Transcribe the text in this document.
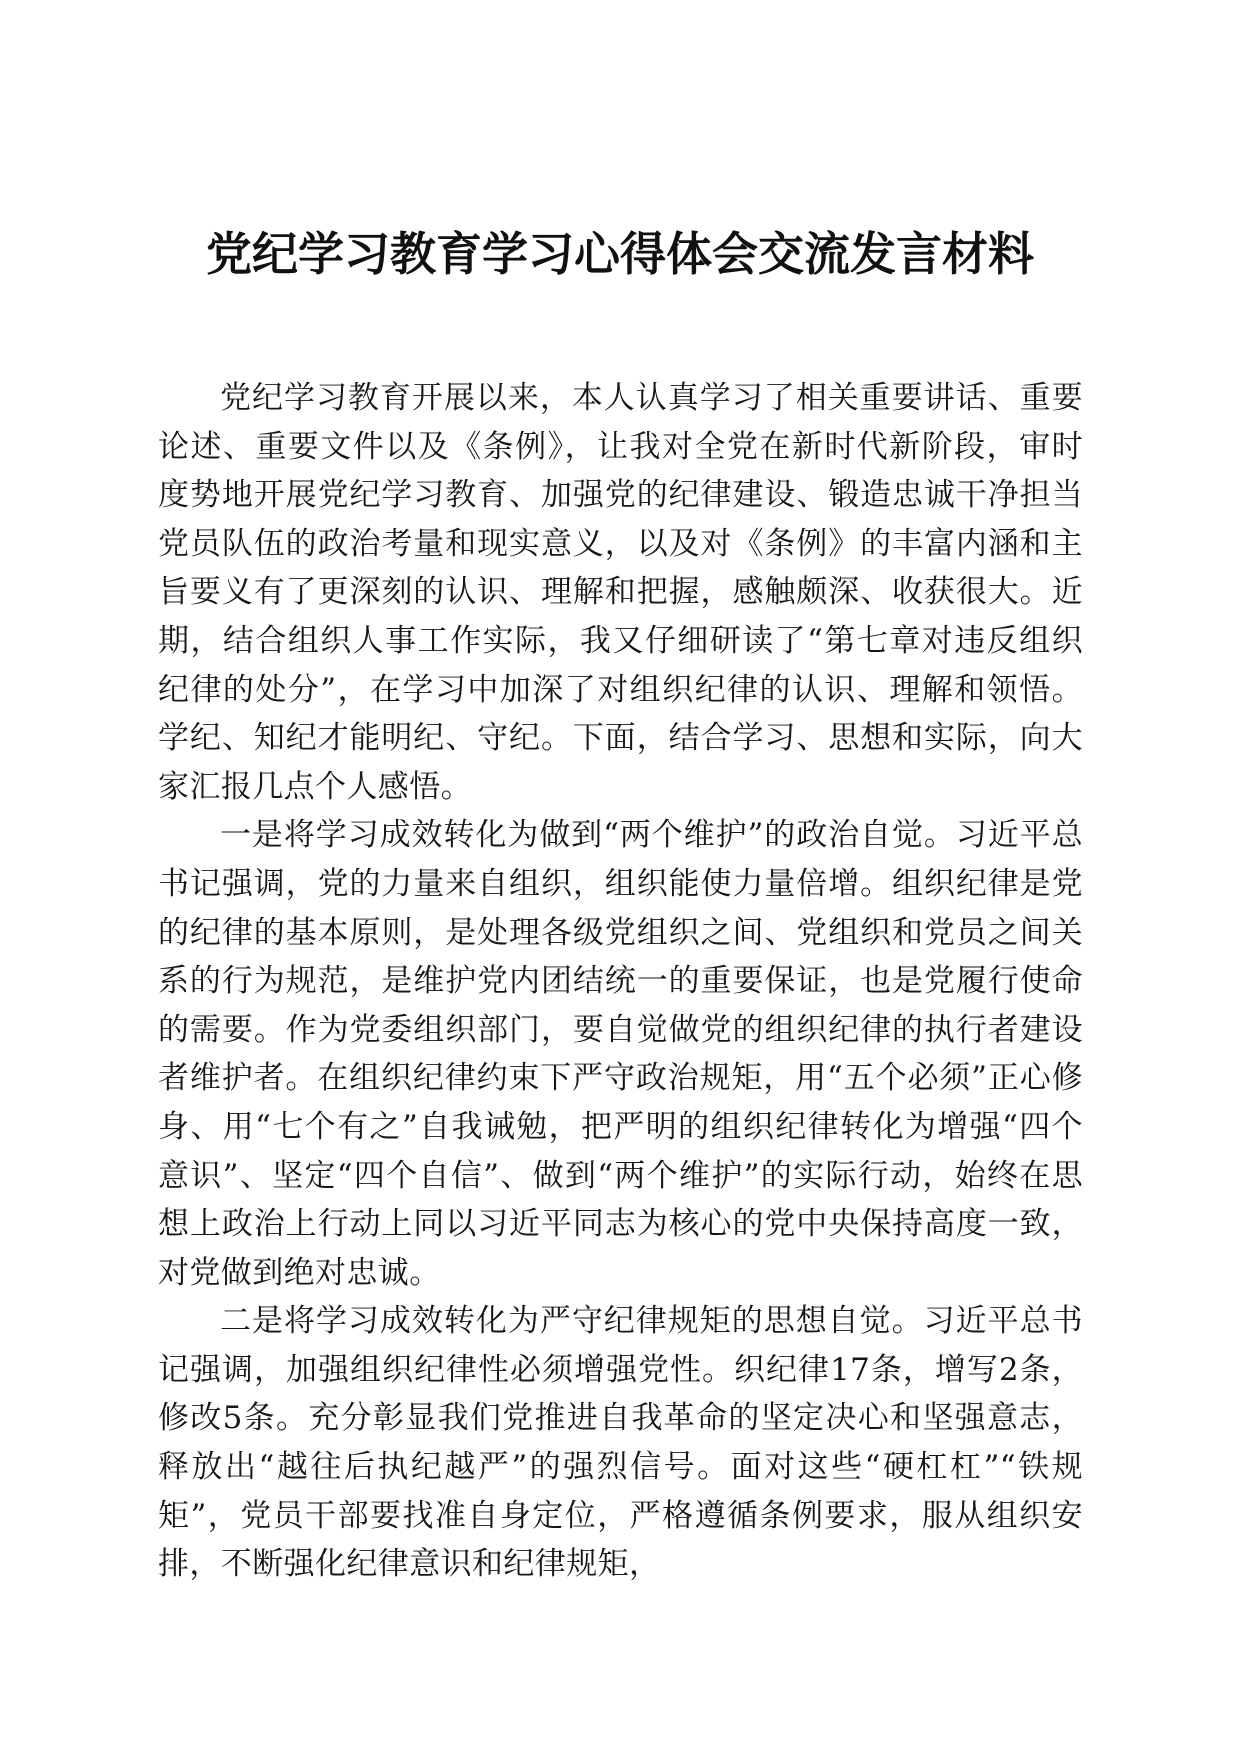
党纪学习教育学习心得体会交流发言材料

党纪学习教育开展以来，本人认真学习了相关重要讲话、重要论述、重要文件以及《条例》，让我对全党在新时代新阶段，审时度势地开展党纪学习教育、加强党的纪律建设、锻造忠诚干净担当党员队伍的政治考量和现实意义，以及对《条例》的丰富内涵和主旨要义有了更深刻的认识、理解和把握，感触颇深、收获很大。近期，结合组织人事工作实际，我又仔细研读了“第七章对违反组织纪律的处分”，在学习中加深了对组织纪律的认识、理解和领悟。学纪、知纪才能明纪、守纪。下面，结合学习、思想和实际，向大家汇报几点个人感悟。

一是将学习成效转化为做到“两个维护”的政治自觉。习近平总书记强调，党的力量来自组织，组织能使力量倍增。组织纪律是党的纪律的基本原则，是处理各级党组织之间、党组织和党员之间关系的行为规范，是维护党内团结统一的重要保证，也是党履行使命的需要。作为党委组织部门，要自觉做党的组织纪律的执行者建设者维护者。在组织纪律约束下严守政治规矩，用“五个必须”正心修身、用“七个有之”自我诫勉，把严明的组织纪律转化为增强“四个意识”、坚定“四个自信”、做到“两个维护”的实际行动，始终在思想上政治上行动上同以习近平同志为核心的党中央保持高度一致，对党做到绝对忠诚。

二是将学习成效转化为严守纪律规矩的思想自觉。习近平总书记强调，加强组织纪律性必须增强党性。织纪律17条，增写2条，修改5条。充分彰显我们党推进自我革命的坚定决心和坚强意志，释放出“越往后执纪越严”的强烈信号。面对这些“硬杠杠”“铁规矩”，党员干部要找准自身定位，严格遵循条例要求，服从组织安排，不断强化纪律意识和纪律规矩，
